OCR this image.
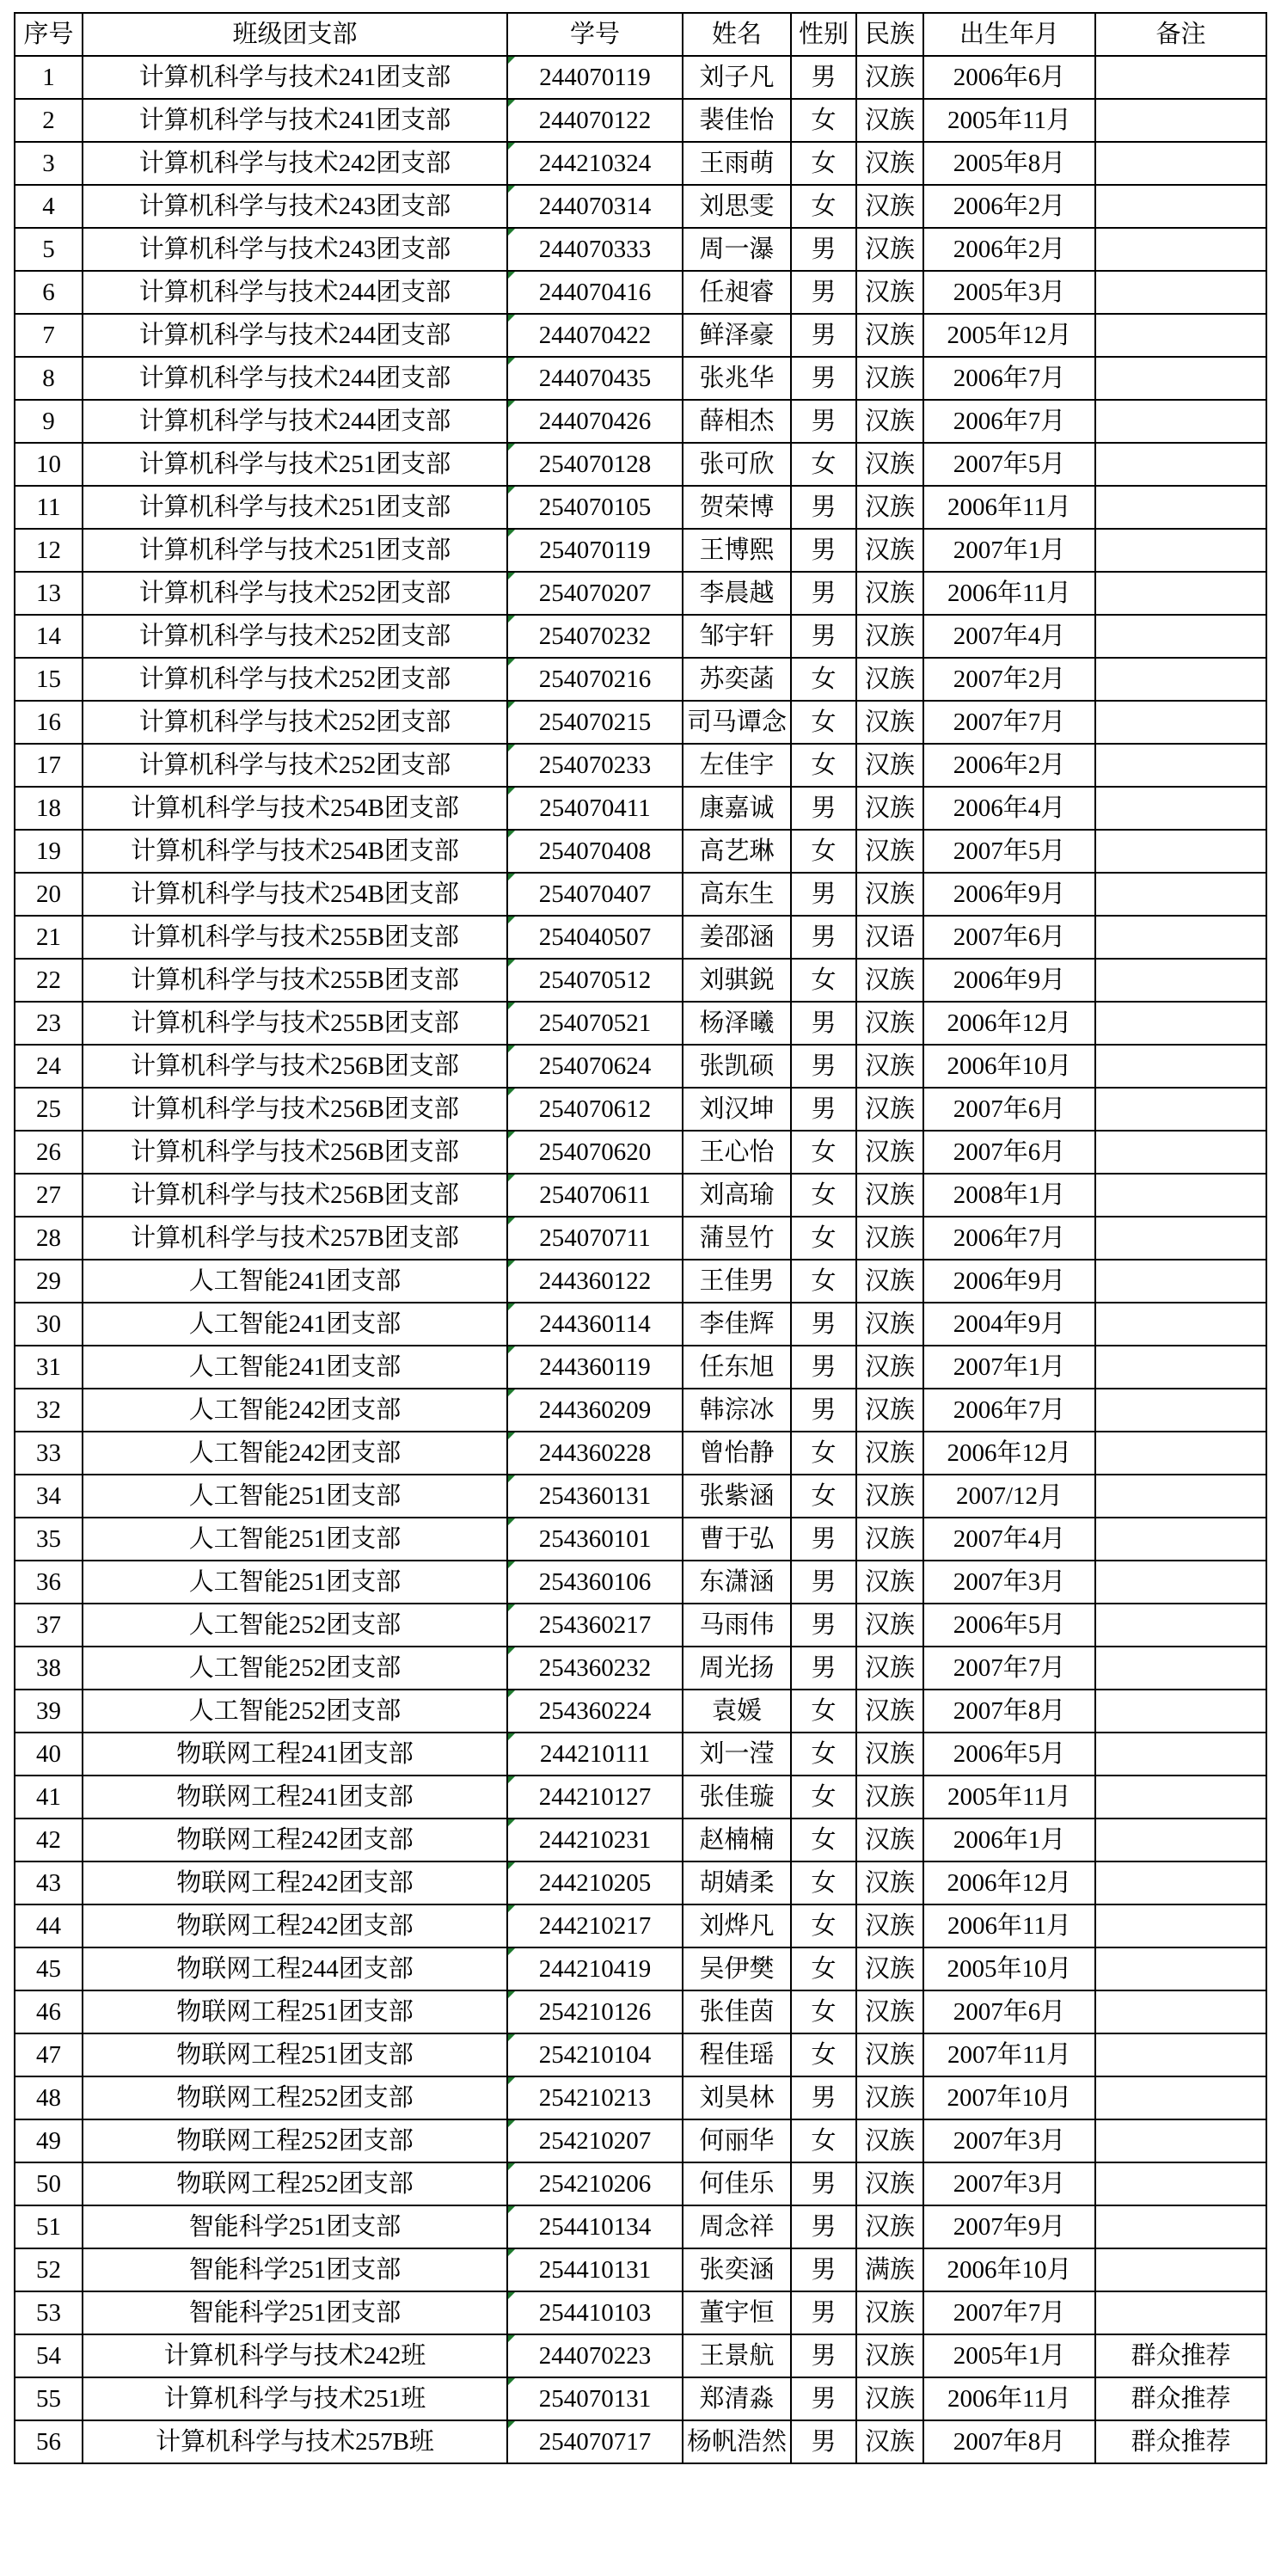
序号	班级团支部	学号	姓名	性别	民族	出生年月	备注
1	计算机科学与技术241团支部	244070119	刘子凡	男	汉族	2006年6月	
2	计算机科学与技术241团支部	244070122	裴佳怡	女	汉族	2005年11月	
3	计算机科学与技术242团支部	244210324	王雨萌	女	汉族	2005年8月	
4	计算机科学与技术243团支部	244070314	刘思雯	女	汉族	2006年2月	
5	计算机科学与技术243团支部	244070333	周一瀑	男	汉族	2006年2月	
6	计算机科学与技术244团支部	244070416	任昶睿	男	汉族	2005年3月	
7	计算机科学与技术244团支部	244070422	鲜泽豪	男	汉族	2005年12月	
8	计算机科学与技术244团支部	244070435	张兆华	男	汉族	2006年7月	
9	计算机科学与技术244团支部	244070426	薛相杰	男	汉族	2006年7月	
10	计算机科学与技术251团支部	254070128	张可欣	女	汉族	2007年5月	
11	计算机科学与技术251团支部	254070105	贺荣博	男	汉族	2006年11月	
12	计算机科学与技术251团支部	254070119	王博熙	男	汉族	2007年1月	
13	计算机科学与技术252团支部	254070207	李晨越	男	汉族	2006年11月	
14	计算机科学与技术252团支部	254070232	邹宇轩	男	汉族	2007年4月	
15	计算机科学与技术252团支部	254070216	苏奕菡	女	汉族	2007年2月	
16	计算机科学与技术252团支部	254070215	司马谭念	女	汉族	2007年7月	
17	计算机科学与技术252团支部	254070233	左佳宇	女	汉族	2006年2月	
18	计算机科学与技术254B团支部	254070411	康嘉诚	男	汉族	2006年4月	
19	计算机科学与技术254B团支部	254070408	高艺琳	女	汉族	2007年5月	
20	计算机科学与技术254B团支部	254070407	高东生	男	汉族	2006年9月	
21	计算机科学与技术255B团支部	254040507	姜邵涵	男	汉语	2007年6月	
22	计算机科学与技术255B团支部	254070512	刘骐鋭	女	汉族	2006年9月	
23	计算机科学与技术255B团支部	254070521	杨泽曦	男	汉族	2006年12月	
24	计算机科学与技术256B团支部	254070624	张凯硕	男	汉族	2006年10月	
25	计算机科学与技术256B团支部	254070612	刘汉坤	男	汉族	2007年6月	
26	计算机科学与技术256B团支部	254070620	王心怡	女	汉族	2007年6月	
27	计算机科学与技术256B团支部	254070611	刘高瑜	女	汉族	2008年1月	
28	计算机科学与技术257B团支部	254070711	蒲昱竹	女	汉族	2006年7月	
29	人工智能241团支部	244360122	王佳男	女	汉族	2006年9月	
30	人工智能241团支部	244360114	李佳辉	男	汉族	2004年9月	
31	人工智能241团支部	244360119	任东旭	男	汉族	2007年1月	
32	人工智能242团支部	244360209	韩淙冰	男	汉族	2006年7月	
33	人工智能242团支部	244360228	曾怡静	女	汉族	2006年12月	
34	人工智能251团支部	254360131	张紫涵	女	汉族	2007/12月	
35	人工智能251团支部	254360101	曹于弘	男	汉族	2007年4月	
36	人工智能251团支部	254360106	东潇涵	男	汉族	2007年3月	
37	人工智能252团支部	254360217	马雨伟	男	汉族	2006年5月	
38	人工智能252团支部	254360232	周光扬	男	汉族	2007年7月	
39	人工智能252团支部	254360224	袁媛	女	汉族	2007年8月	
40	物联网工程241团支部	244210111	刘一滢	女	汉族	2006年5月	
41	物联网工程241团支部	244210127	张佳璇	女	汉族	2005年11月	
42	物联网工程242团支部	244210231	赵楠楠	女	汉族	2006年1月	
43	物联网工程242团支部	244210205	胡婧柔	女	汉族	2006年12月	
44	物联网工程242团支部	244210217	刘烨凡	女	汉族	2006年11月	
45	物联网工程244团支部	244210419	吴伊樊	女	汉族	2005年10月	
46	物联网工程251团支部	254210126	张佳茵	女	汉族	2007年6月	
47	物联网工程251团支部	254210104	程佳瑶	女	汉族	2007年11月	
48	物联网工程252团支部	254210213	刘昊林	男	汉族	2007年10月	
49	物联网工程252团支部	254210207	何丽华	女	汉族	2007年3月	
50	物联网工程252团支部	254210206	何佳乐	男	汉族	2007年3月	
51	智能科学251团支部	254410134	周念祥	男	汉族	2007年9月	
52	智能科学251团支部	254410131	张奕涵	男	满族	2006年10月	
53	智能科学251团支部	254410103	董宇恒	男	汉族	2007年7月	
54	计算机科学与技术242班	244070223	王景航	男	汉族	2005年1月	群众推荐
55	计算机科学与技术251班	254070131	郑清淼	男	汉族	2006年11月	群众推荐
56	计算机科学与技术257B班	254070717	杨帆浩然	男	汉族	2007年8月	群众推荐
